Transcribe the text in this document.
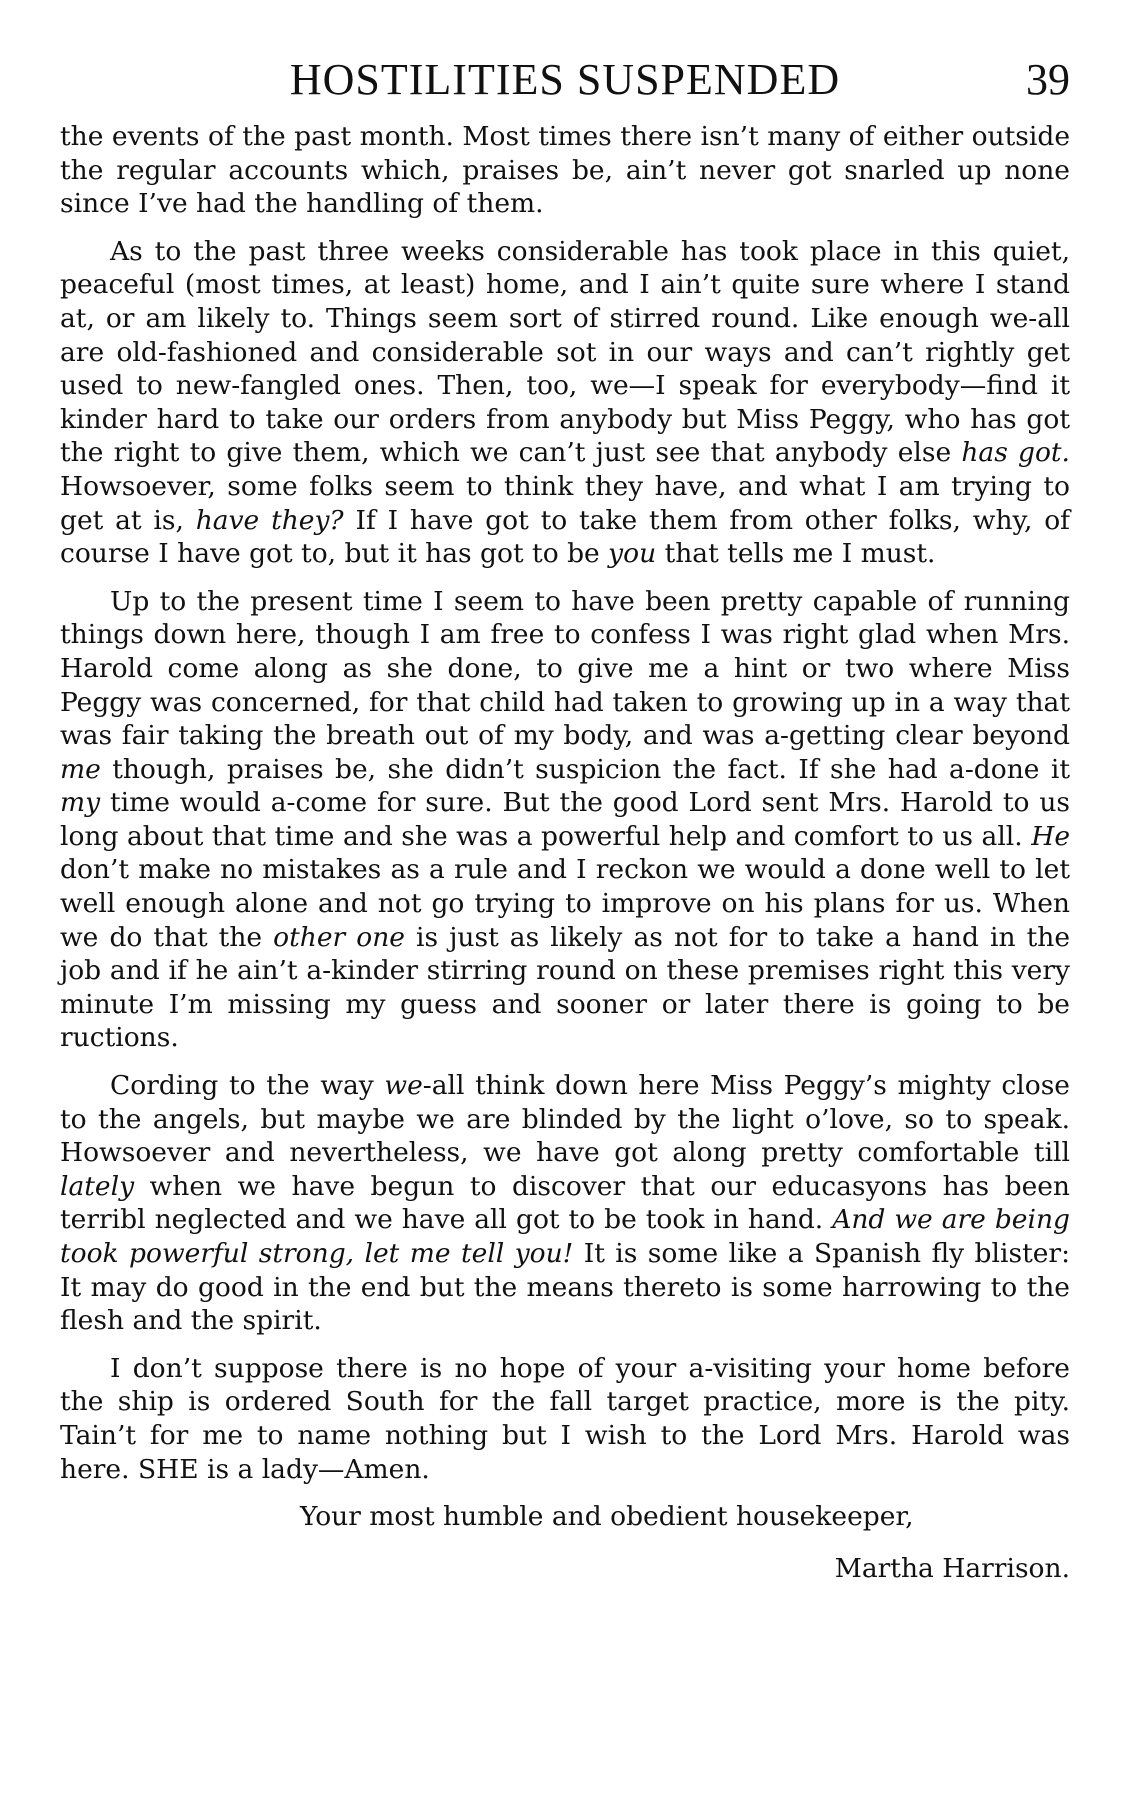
HOSTILITIES SUSPENDED	39

the events of the past month. Most times there isn’t many of either outside the regular accounts which, praises be, ain’t never got snarled up none since I’ve had the handling of them.

As to the past three weeks considerable has took place in this quiet, peaceful (most times, at least) home, and I ain’t quite sure where I stand at, or am likely to. Things seem sort of stirred round. Like enough we-all are old-fashioned and considerable sot in our ways and can’t rightly get used to new-fangled ones. Then, too, we—I speak for everybody—find it kinder hard to take our orders from anybody but Miss Peggy, who has got the right to give them, which we can’t just see that anybody else has got. Howsoever, some folks seem to think they have, and what I am trying to get at is, have they? If I have got to take them from other folks, why, of course I have got to, but it has got to be you that tells me I must.

Up to the present time I seem to have been pretty capable of running things down here, though I am free to confess I was right glad when Mrs. Harold come along as she done, to give me a hint or two where Miss Peggy was concerned, for that child had taken to growing up in a way that was fair taking the breath out of my body, and was a-getting clear beyond me though, praises be, she didn’t suspicion the fact. If she had a-done it my time would a-come for sure. But the good Lord sent Mrs. Harold to us long about that time and she was a powerful help and comfort to us all. He don’t make no mistakes as a rule and I reckon we would a done well to let well enough alone and not go trying to improve on his plans for us. When we do that the other one is just as likely as not for to take a hand in the job and if he ain’t a-kinder stirring round on these premises right this very minute I’m missing my guess and sooner or later there is going to be ructions.

Cording to the way we-all think down here Miss Peggy’s mighty close to the angels, but maybe we are blinded by the light o’love, so to speak. Howsoever and nevertheless, we have got along pretty comfortable till lately when we have begun to discover that our educasyons has been terribl neglected and we have all got to be took in hand. And we are being took powerful strong, let me tell you! It is some like a Spanish fly blister: It may do good in the end but the means thereto is some harrowing to the flesh and the spirit.

I don’t suppose there is no hope of your a-visiting your home before the ship is ordered South for the fall target practice, more is the pity. Tain’t for me to name nothing but I wish to the Lord Mrs. Harold was here. SHE is a lady—Amen.

Your most humble and obedient housekeeper,
Martha Harrison.
